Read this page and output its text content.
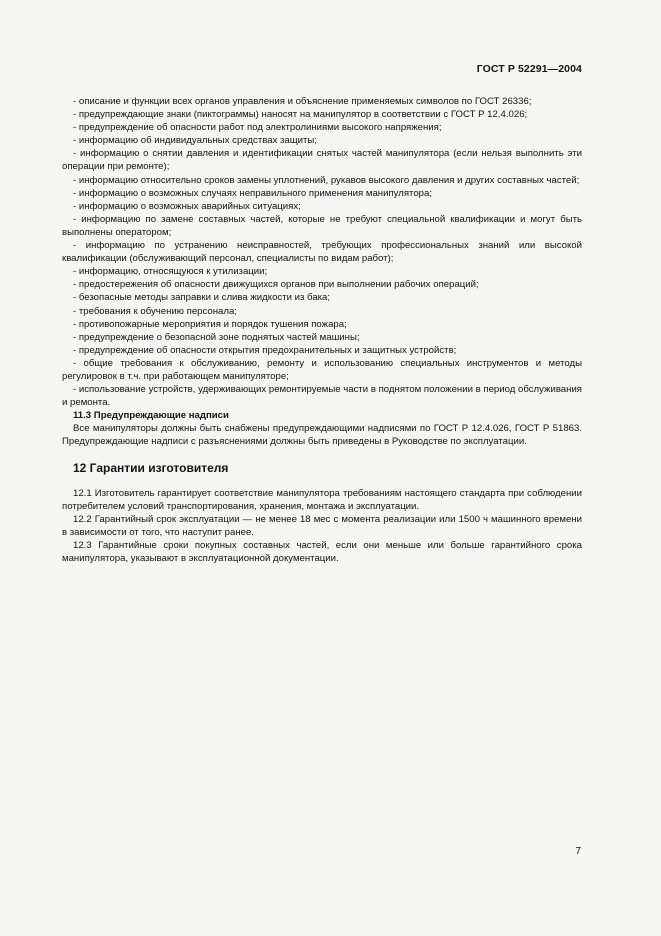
ГОСТ Р 52291—2004

- описание и функции всех органов управления и объяснение применяемых символов по ГОСТ 26336;

- предупреждающие знаки (пиктограммы) наносят на манипулятор в соответствии с ГОСТ Р 12.4.026;

- предупреждение об опасности работ под электролиниями высокого напряжения;

- информацию об индивидуальных средствах защиты;

- информацию о снятии давления и идентификации снятых частей манипулятора (если нельзя выполнить эти операции при ремонте);

- информацию относительно сроков замены уплотнений, рукавов высокого давления и других составных частей;

- информацию о возможных случаях неправильного применения манипулятора;

- информацию о возможных аварийных ситуациях;

- информацию по замене составных частей, которые не требуют специальной квалификации и могут быть выполнены оператором;

- информацию по устранению неисправностей, требующих профессиональных знаний или высокой квалификации (обслуживающий персонал, специалисты по видам работ);

- информацию, относящуюся к утилизации;

- предостережения об опасности движущихся органов при выполнении рабочих операций;

- безопасные методы заправки и слива жидкости из бака;

- требования к обучению персонала;

- противопожарные мероприятия и порядок тушения пожара;

- предупреждение о безопасной зоне поднятых частей машины;

- предупреждение об опасности открытия предохранительных и защитных устройств;

- общие требования к обслуживанию, ремонту и использованию специальных инструментов и методы регулировок в т.ч. при работающем манипуляторе;

- использование устройств, удерживающих ремонтируемые части в поднятом положении в период обслуживания и ремонта.

11.3 Предупреждающие надписи

Все манипуляторы должны быть снабжены предупреждающими надписями по ГОСТ Р 12.4.026, ГОСТ Р 51863. Предупреждающие надписи с разъяснениями должны быть приведены в Руководстве по эксплуатации.

12 Гарантии изготовителя

12.1 Изготовитель гарантирует соответствие манипулятора требованиям настоящего стандарта при соблюдении потребителем условий транспортирования, хранения, монтажа и эксплуатации.

12.2 Гарантийный срок эксплуатации — не менее 18 мес с момента реализации или 1500 ч машинного времени в зависимости от того, что наступит ранее.

12.3 Гарантийные сроки покупных составных частей, если они меньше или больше гарантийного срока манипулятора, указывают в эксплуатационной документации.

7
